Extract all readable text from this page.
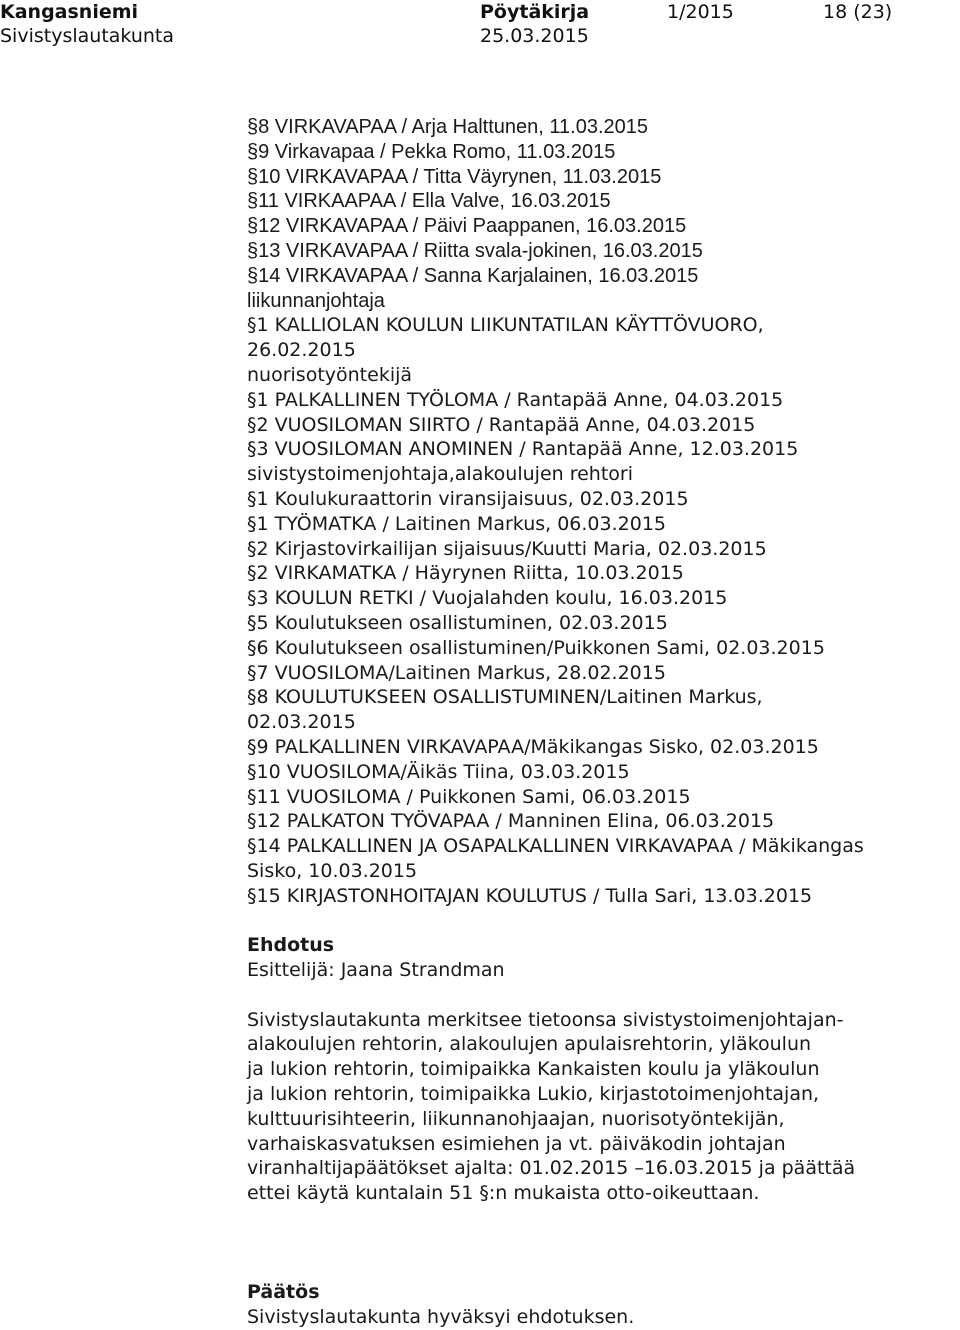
Kangasniemi
Sivistyslautakunta
Pöytäkirja
25.03.2015
1/2015	18 (23)
§8 VIRKAVAPAA / Arja Halttunen, 11.03.2015
§9 Virkavapaa / Pekka Romo, 11.03.2015
§10 VIRKAVAPAA / Titta Väyrynen, 11.03.2015
§11 VIRKAAPAA / Ella Valve, 16.03.2015
§12 VIRKAVAPAA / Päivi Paappanen, 16.03.2015
§13 VIRKAVAPAA / Riitta svala-jokinen, 16.03.2015
§14 VIRKAVAPAA / Sanna Karjalainen, 16.03.2015
liikunnanjohtaja
§1 KALLIOLAN KOULUN LIIKUNTATILAN KÄYTTÖVUORO,
26.02.2015
nuorisotyöntekijä
§1 PALKALLINEN TYÖLOMA / Rantapää Anne, 04.03.2015
§2 VUOSILOMAN SIIRTO / Rantapää Anne, 04.03.2015
§3 VUOSILOMAN ANOMINEN / Rantapää Anne, 12.03.2015
sivistystoimenjohtaja,alakoulujen rehtori
§1 Koulukuraattorin viransijaisuus, 02.03.2015
§1 TYÖMATKA / Laitinen Markus, 06.03.2015
§2 Kirjastovirkailijan sijaisuus/Kuutti Maria, 02.03.2015
§2 VIRKAMATKA / Häyrynen Riitta, 10.03.2015
§3 KOULUN RETKI / Vuojalahden koulu, 16.03.2015
§5 Koulutukseen osallistuminen, 02.03.2015
§6 Koulutukseen osallistuminen/Puikkonen Sami, 02.03.2015
§7 VUOSILOMA/Laitinen Markus, 28.02.2015
§8 KOULUTUKSEEN OSALLISTUMINEN/Laitinen Markus,
02.03.2015
§9 PALKALLINEN VIRKAVAPAA/Mäkikangas Sisko, 02.03.2015
§10 VUOSILOMA/Äikäs Tiina, 03.03.2015
§11 VUOSILOMA / Puikkonen Sami, 06.03.2015
§12 PALKATON TYÖVAPAA / Manninen Elina, 06.03.2015
§14 PALKALLINEN JA OSAPALKALLINEN VIRKAVAPAA / Mäkikangas
Sisko, 10.03.2015
§15 KIRJASTONHOITAJAN KOULUTUS / Tulla Sari, 13.03.2015
Ehdotus
Esittelijä: Jaana Strandman
Sivistyslautakunta merkitsee tietoonsa sivistystoimenjohtajan-
alakoulujen rehtorin, alakoulujen apulaisrehtorin, yläkoulun
ja lukion rehtorin, toimipaikka Kankaisten koulu ja yläkoulun
ja lukion rehtorin, toimipaikka Lukio, kirjastotoimenjohtajan,
kulttuurisihteerin, liikunnanohjaajan, nuorisotyöntekijän,
varhaiskasvatuksen esimiehen ja vt. päiväkodin johtajan
viranhaltijapäätökset ajalta: 01.02.2015 –16.03.2015 ja päättää
ettei käytä kuntalain 51 §:n mukaista otto-oikeuttaan.
Päätös
Sivistyslautakunta hyväksyi ehdotuksen.
